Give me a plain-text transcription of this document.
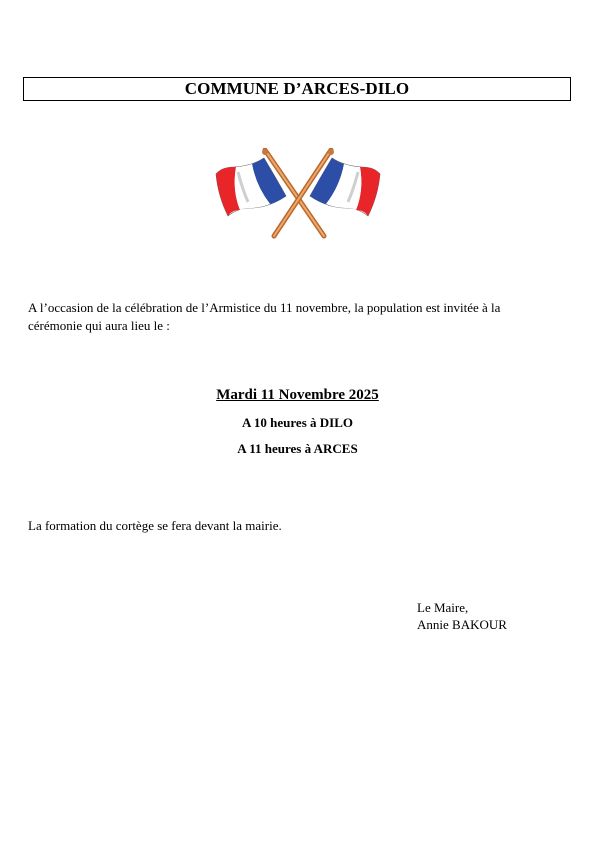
COMMUNE D’ARCES-DILO
A l’occasion de la célébration de l’Armistice du 11 novembre, la population est invitée à la
cérémonie qui aura lieu le :
Mardi 11 Novembre 2025
A 10 heures à DILO
A 11 heures à ARCES
La formation du cortège se fera devant la mairie.
Le Maire,
Annie BAKOUR
